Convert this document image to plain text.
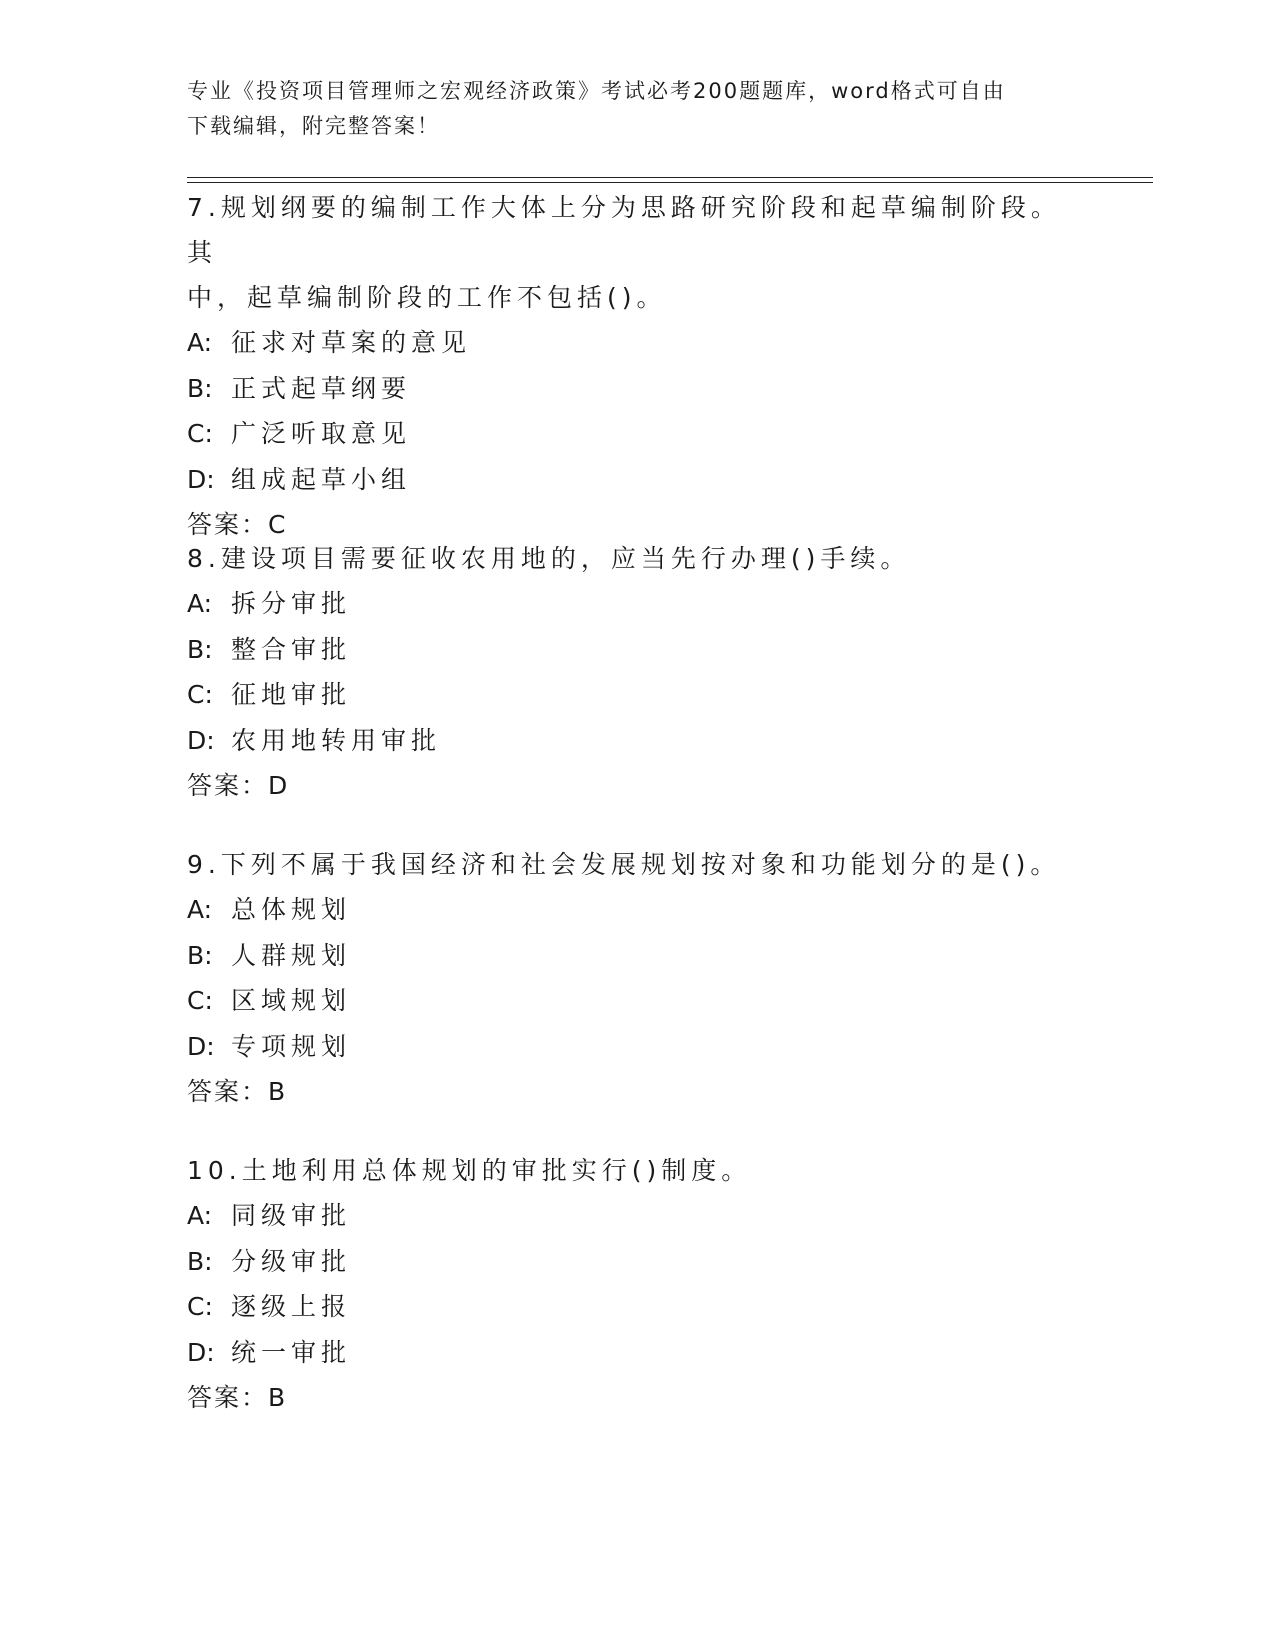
专业《投资项目管理师之宏观经济政策》考试必考200题题库，word格式可自由
下载编辑，附完整答案！
7.规划纲要的编制工作大体上分为思路研究阶段和起草编制阶段。其
中，起草编制阶段的工作不包括()。
A: 征求对草案的意见
B: 正式起草纲要
C: 广泛听取意见
D: 组成起草小组
答案：C
8.建设项目需要征收农用地的，应当先行办理()手续。
A: 拆分审批
B: 整合审批
C: 征地审批
D: 农用地转用审批
答案：D
9.下列不属于我国经济和社会发展规划按对象和功能划分的是()。
A: 总体规划
B: 人群规划
C: 区域规划
D: 专项规划
答案：B
10.土地利用总体规划的审批实行()制度。
A: 同级审批
B: 分级审批
C: 逐级上报
D: 统一审批
答案：B
